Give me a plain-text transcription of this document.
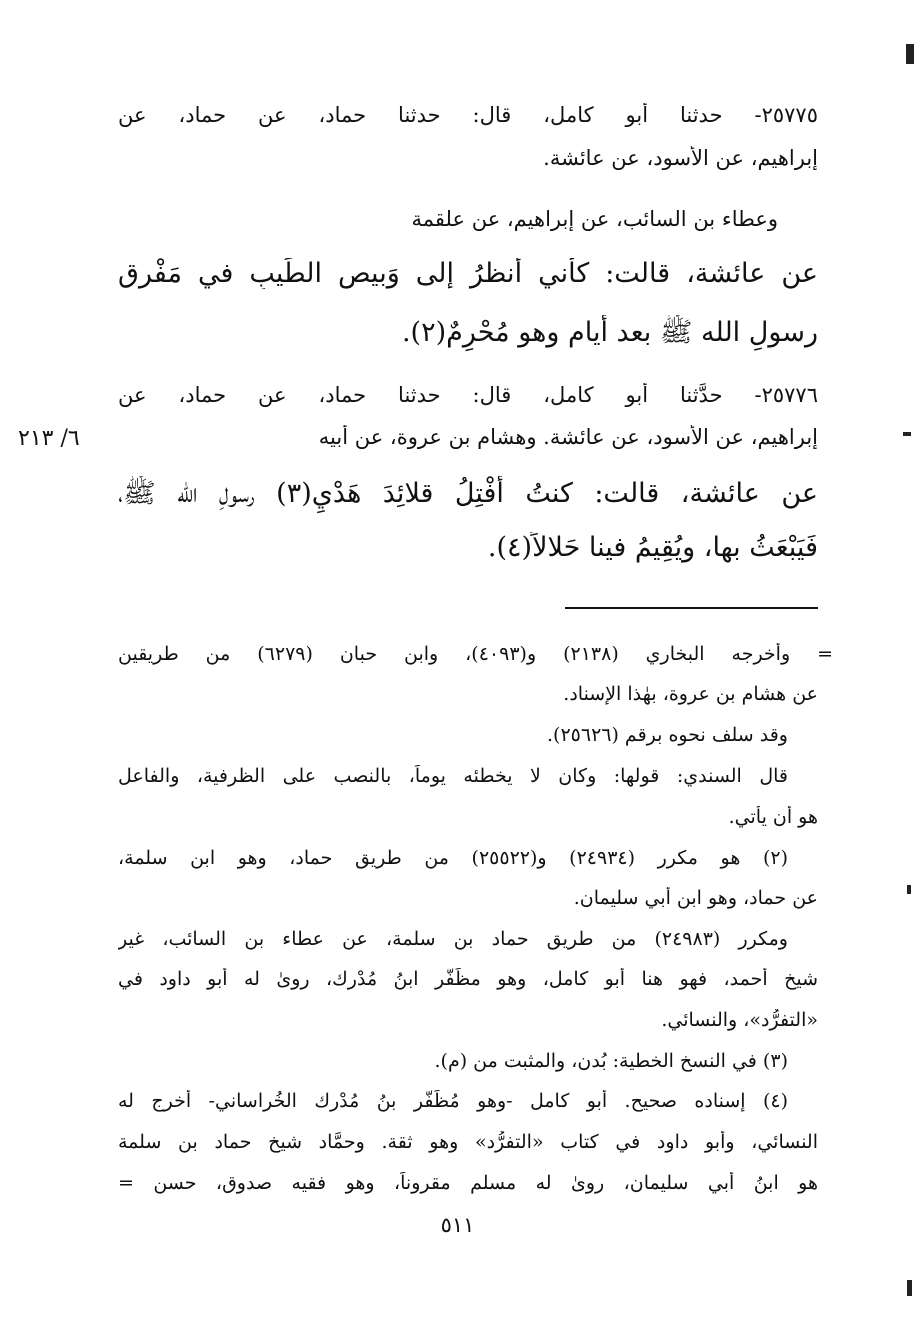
٢٥٧٧٥- حدثنا أبو كامل، قال: حدثنا حماد، عن حماد، عن
إبراهيم، عن الأسود، عن عائشة.
وعطاء بن السائب، عن إبراهيم، عن علقمة
عن عائشة، قالت: كأني أنظرُ إلى وَبيصِ الطِّيبِ في مَفْرِقِ
رسولِ الله ﷺ بعد أيام وهو مُحْرِمٌ(٢).
٢٥٧٧٦- حدَّثنا أبو كامل، قال: حدثنا حماد، عن حماد، عن
إبراهيم، عن الأسود، عن عائشة. وهشام بن عروة، عن أبيه
عن عائشة، قالت: كنتُ أَفْتِلُ قلائِدَ هَدْيِ(٣) رسولِ الله ﷺ،
فَيَبْعَثُ بها، ويُقِيمُ فينا حَلالاً(٤).
٦/ ٢١٣
= وأخرجه البخاري (٢١٣٨) و(٤٠٩٣)، وابن حبان (٦٢٧٩) من طريقين
عن هشام بن عروة، بهٰذا الإسناد.
وقد سلف نحوه برقم (٢٥٦٢٦).
قال السندي: قولها: وكان لا يخطئه يوماً، بالنصب على الظرفية، والفاعل
هو أن يأتي.
(٢) هو مكرر (٢٤٩٣٤) و(٢٥٥٢٢) من طريق حماد، وهو ابن سلمة،
عن حماد، وهو ابن أبي سليمان.
ومكرر (٢٤٩٨٣) من طريق حماد بن سلمة، عن عطاء بن السائب، غير
شيخ أحمد، فهو هنا أبو كامل، وهو مظَفَّر ابنُ مُدْرِك، روىٰ له أبو داود في
«التفرُّد»، والنسائي.
(٣) في النسخ الخطية: بُدن، والمثبت من (م).
(٤) إسناده صحيح. أبو كامل -وهو مُظَفَّر بنُ مُدْرِك الخُراساني- أخرج له
النسائي، وأبو داود في كتاب «التفرُّد» وهو ثقة. وحمَّاد شيخ حماد بن سلمة
هو ابنُ أبي سليمان، روىٰ له مسلم مقروناً، وهو فقيه صدوق، حسن =
٥١١
